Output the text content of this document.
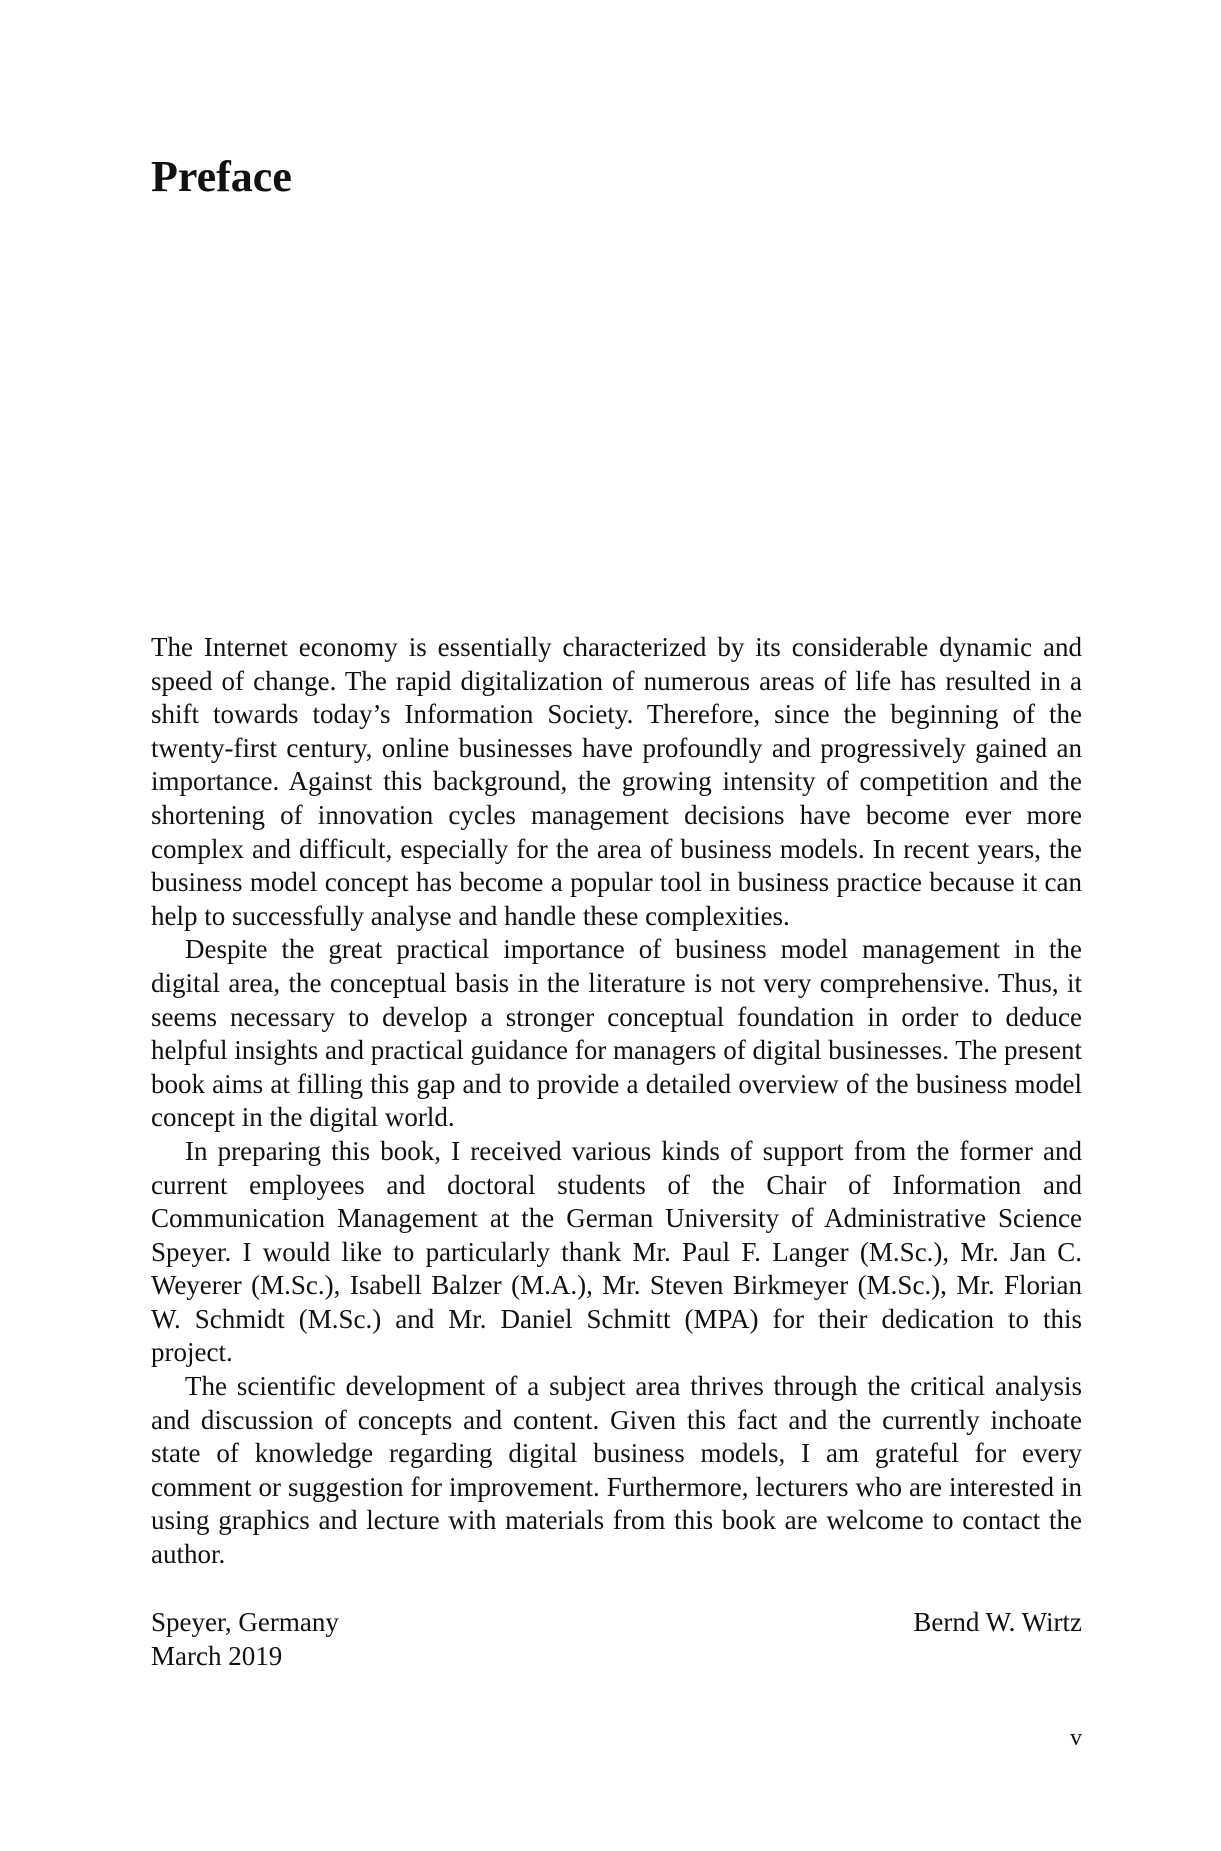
Preface

The Internet economy is essentially characterized by its considerable dynamic and speed of change. The rapid digitalization of numerous areas of life has resulted in a shift towards today’s Information Society. Therefore, since the beginning of the twenty-first century, online businesses have profoundly and progressively gained an importance. Against this background, the growing intensity of competition and the shortening of innovation cycles management decisions have become ever more complex and difficult, especially for the area of business models. In recent years, the business model concept has become a popular tool in business practice because it can help to successfully analyse and handle these complexities.

Despite the great practical importance of business model management in the digital area, the conceptual basis in the literature is not very comprehensive. Thus, it seems necessary to develop a stronger conceptual foundation in order to deduce helpful insights and practical guidance for managers of digital businesses. The present book aims at filling this gap and to provide a detailed overview of the business model concept in the digital world.

In preparing this book, I received various kinds of support from the former and current employees and doctoral students of the Chair of Information and Communication Management at the German University of Administrative Science Speyer. I would like to particularly thank Mr. Paul F. Langer (M.Sc.), Mr. Jan C. Weyerer (M.Sc.), Isabell Balzer (M.A.), Mr. Steven Birkmeyer (M.Sc.), Mr. Florian W. Schmidt (M.Sc.) and Mr. Daniel Schmitt (MPA) for their dedication to this project.

The scientific development of a subject area thrives through the critical analysis and discussion of concepts and content. Given this fact and the currently inchoate state of knowledge regarding digital business models, I am grateful for every comment or suggestion for improvement. Furthermore, lecturers who are interested in using graphics and lecture with materials from this book are welcome to contact the author.

Speyer, Germany
March 2019
Bernd W. Wirtz
v
